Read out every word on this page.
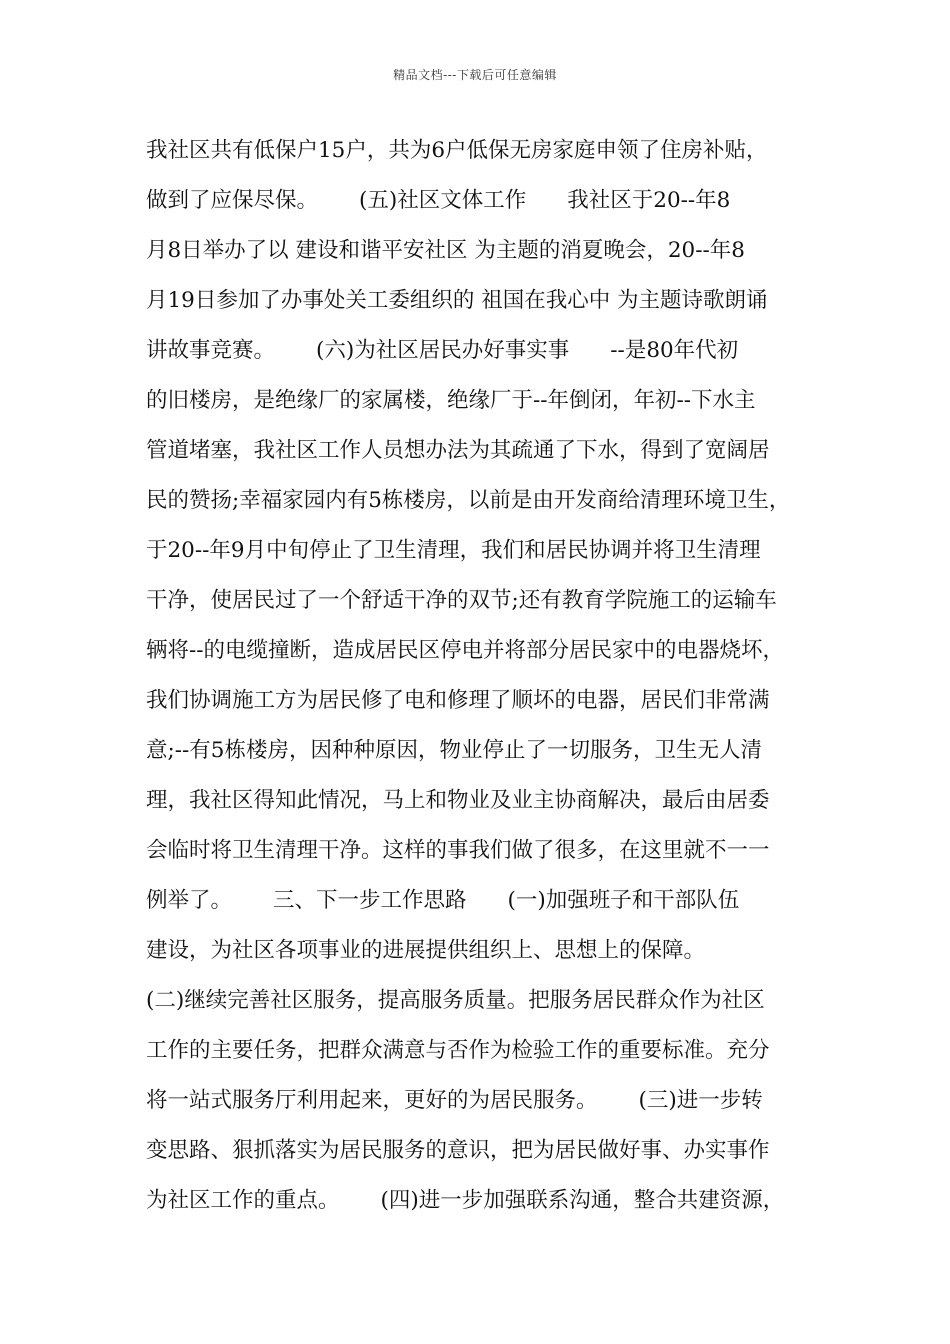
精品文档---下载后可任意编辑
我社区共有低保户15户，共为6户低保无房家庭申领了住房补贴，
做到了应保尽保。      (五)社区文体工作      我社区于20--年8
月8日举办了以 建设和谐平安社区 为主题的消夏晚会，20--年8
月19日参加了办事处关工委组织的 祖国在我心中 为主题诗歌朗诵
讲故事竞赛。      (六)为社区居民办好事实事      --是80年代初
的旧楼房，是绝缘厂的家属楼，绝缘厂于--年倒闭，年初--下水主
管道堵塞，我社区工作人员想办法为其疏通了下水，得到了宽阔居
民的赞扬;幸福家园内有5栋楼房，以前是由开发商给清理环境卫生，
于20--年9月中旬停止了卫生清理，我们和居民协调并将卫生清理
干净，使居民过了一个舒适干净的双节;还有教育学院施工的运输车
辆将--的电缆撞断，造成居民区停电并将部分居民家中的电器烧坏，
我们协调施工方为居民修了电和修理了顺坏的电器，居民们非常满
意;--有5栋楼房，因种种原因，物业停止了一切服务，卫生无人清
理，我社区得知此情况，马上和物业及业主协商解决，最后由居委
会临时将卫生清理干净。这样的事我们做了很多，在这里就不一一
例举了。      三、下一步工作思路      (一)加强班子和干部队伍
建设，为社区各项事业的进展提供组织上、思想上的保障。
(二)继续完善社区服务，提高服务质量。把服务居民群众作为社区
工作的主要任务，把群众满意与否作为检验工作的重要标准。充分
将一站式服务厅利用起来，更好的为居民服务。      (三)进一步转
变思路、狠抓落实为居民服务的意识，把为居民做好事、办实事作
为社区工作的重点。      (四)进一步加强联系沟通，整合共建资源，
